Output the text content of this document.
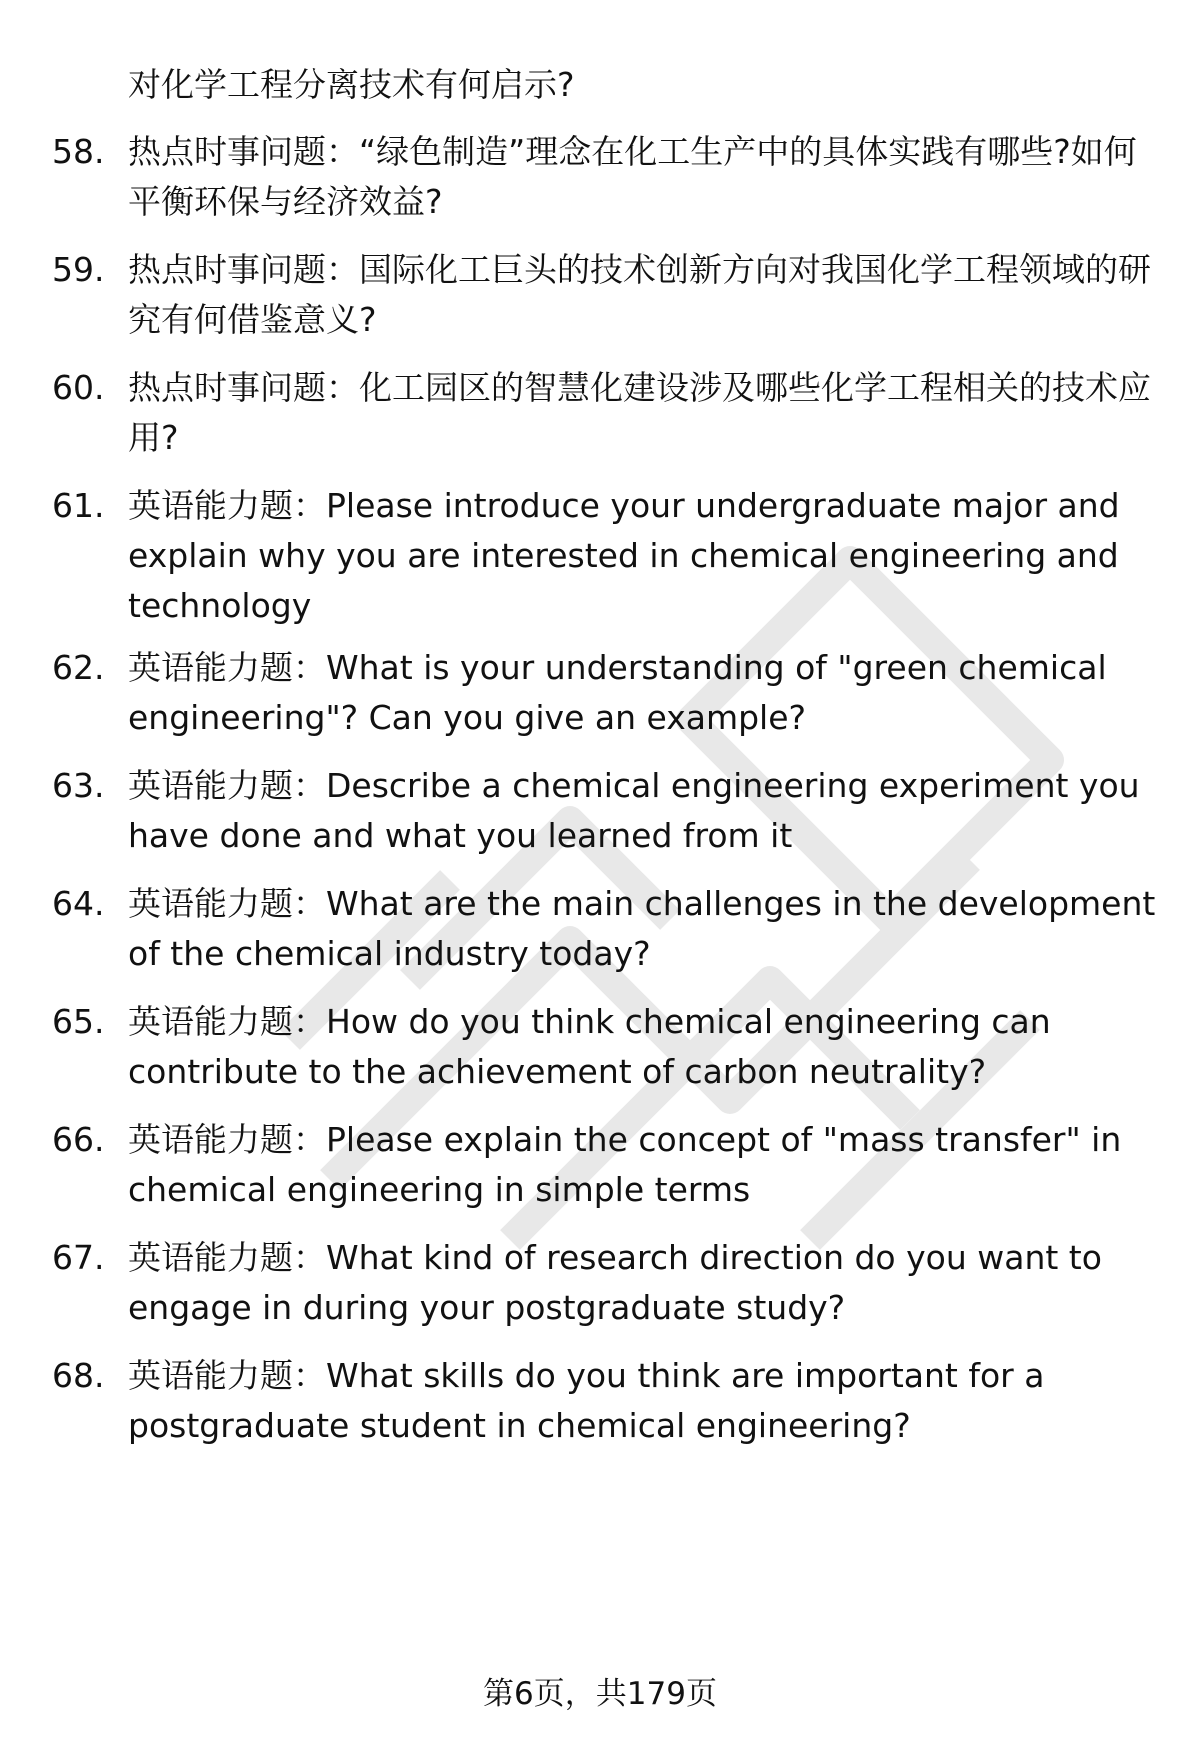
对化学工程分离技术有何启示?

58. 热点时事问题：“绿色制造”理念在化工生产中的具体实践有哪些?如何平衡环保与经济效益?
59. 热点时事问题：国际化工巨头的技术创新方向对我国化学工程领域的研究有何借鉴意义?
60. 热点时事问题：化工园区的智慧化建设涉及哪些化学工程相关的技术应用?
61. 英语能力题：Please introduce your undergraduate major and explain why you are interested in chemical engineering and technology
62. 英语能力题：What is your understanding of "green chemical engineering"? Can you give an example?
63. 英语能力题：Describe a chemical engineering experiment you have done and what you learned from it
64. 英语能力题：What are the main challenges in the development of the chemical industry today?
65. 英语能力题：How do you think chemical engineering can contribute to the achievement of carbon neutrality?
66. 英语能力题：Please explain the concept of "mass transfer" in chemical engineering in simple terms
67. 英语能力题：What kind of research direction do you want to engage in during your postgraduate study?
68. 英语能力题：What skills do you think are important for a postgraduate student in chemical engineering?
第6页，共179页
